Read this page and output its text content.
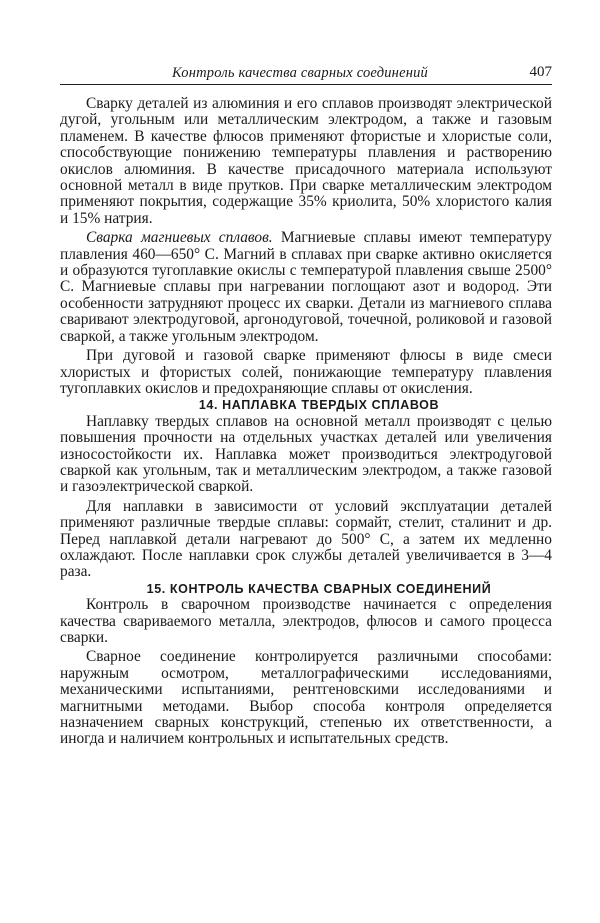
Контроль качества сварных соединений	407

Сварку деталей из алюминия и его сплавов производят электрической дугой, угольным или металлическим электродом, а также и газовым пламенем. В качестве флюсов применяют фтористые и хлористые соли, способствующие понижению температуры плавления и растворению окислов алюминия. В качестве присадочного материала используют основной металл в виде прутков. При сварке металлическим электродом применяют покрытия, содержащие 35% криолита, 50% хлористого калия и 15% натрия.

Сварка магниевых сплавов. Магниевые сплавы имеют температуру плавления 460—650° С. Магний в сплавах при сварке активно окисляется и образуются тугоплавкие окислы с температурой плавления свыше 2500° С. Магниевые сплавы при нагревании поглощают азот и водород. Эти особенности затрудняют процесс их сварки. Детали из магниевого сплава сваривают электродуговой, аргонодуговой, точечной, роликовой и газовой сваркой, а также угольным электродом.

При дуговой и газовой сварке применяют флюсы в виде смеси хлористых и фтористых солей, понижающие температуру плавления тугоплавких окислов и предохраняющие сплавы от окисления.

14. НАПЛАВКА ТВЕРДЫХ СПЛАВОВ

Наплавку твердых сплавов на основной металл производят с целью повышения прочности на отдельных участках деталей или увеличения износостойкости их. Наплавка может производиться электродуговой сваркой как угольным, так и металлическим электродом, а также газовой и газоэлектрической сваркой.

Для наплавки в зависимости от условий эксплуатации деталей применяют различные твердые сплавы: сормайт, стелит, сталинит и др. Перед наплавкой детали нагревают до 500° С, а затем их медленно охлаждают. После наплавки срок службы деталей увеличивается в 3—4 раза.

15. КОНТРОЛЬ КАЧЕСТВА СВАРНЫХ СОЕДИНЕНИЙ

Контроль в сварочном производстве начинается с определения качества свариваемого металла, электродов, флюсов и самого процесса сварки.

Сварное соединение контролируется различными способами: наружным осмотром, металлографическими исследованиями, механическими испытаниями, рентгеновскими исследованиями и магнитными методами. Выбор способа контроля определяется назначением сварных конструкций, степенью их ответственности, а иногда и наличием контрольных и испытательных средств.
